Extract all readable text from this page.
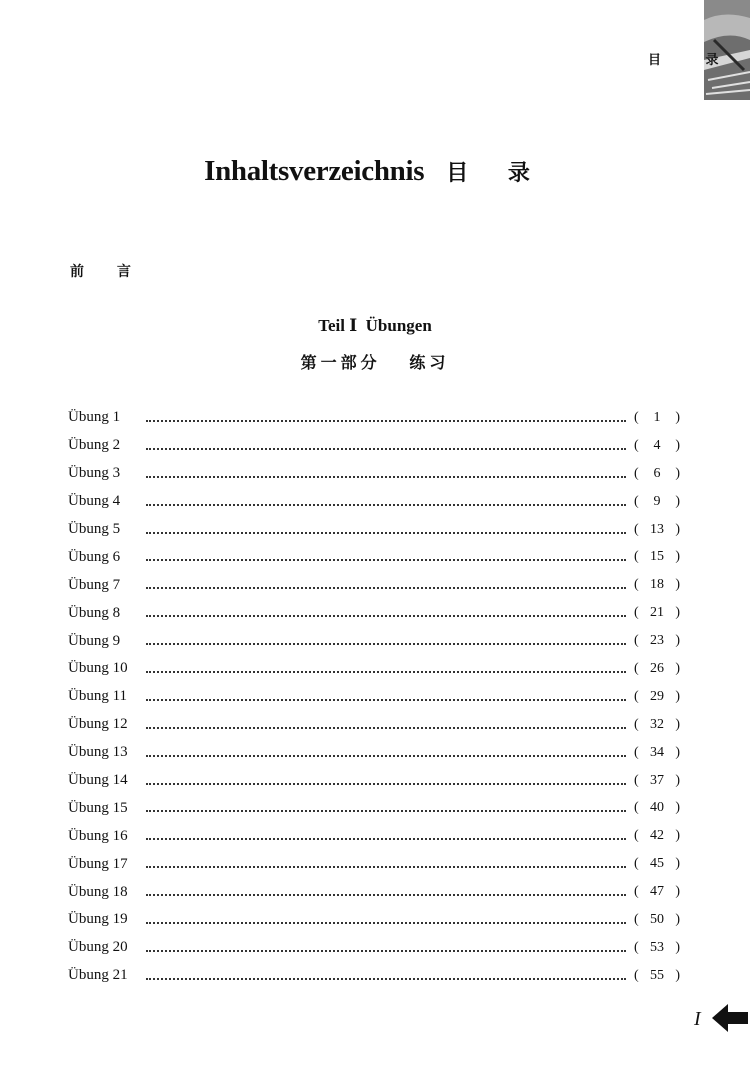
目 录
Inhaltsverzeichnis 目 录
前 言
Teil Ⅰ  Übungen
第一部分   练习
Übung 1	( 1 )
Übung 2	( 4 )
Übung 3	( 6 )
Übung 4	( 9 )
Übung 5	( 13 )
Übung 6	( 15 )
Übung 7	( 18 )
Übung 8	( 21 )
Übung 9	( 23 )
Übung 10	( 26 )
Übung 11	( 29 )
Übung 12	( 32 )
Übung 13	( 34 )
Übung 14	( 37 )
Übung 15	( 40 )
Übung 16	( 42 )
Übung 17	( 45 )
Übung 18	( 47 )
Übung 19	( 50 )
Übung 20	( 53 )
Übung 21	( 55 )
I
